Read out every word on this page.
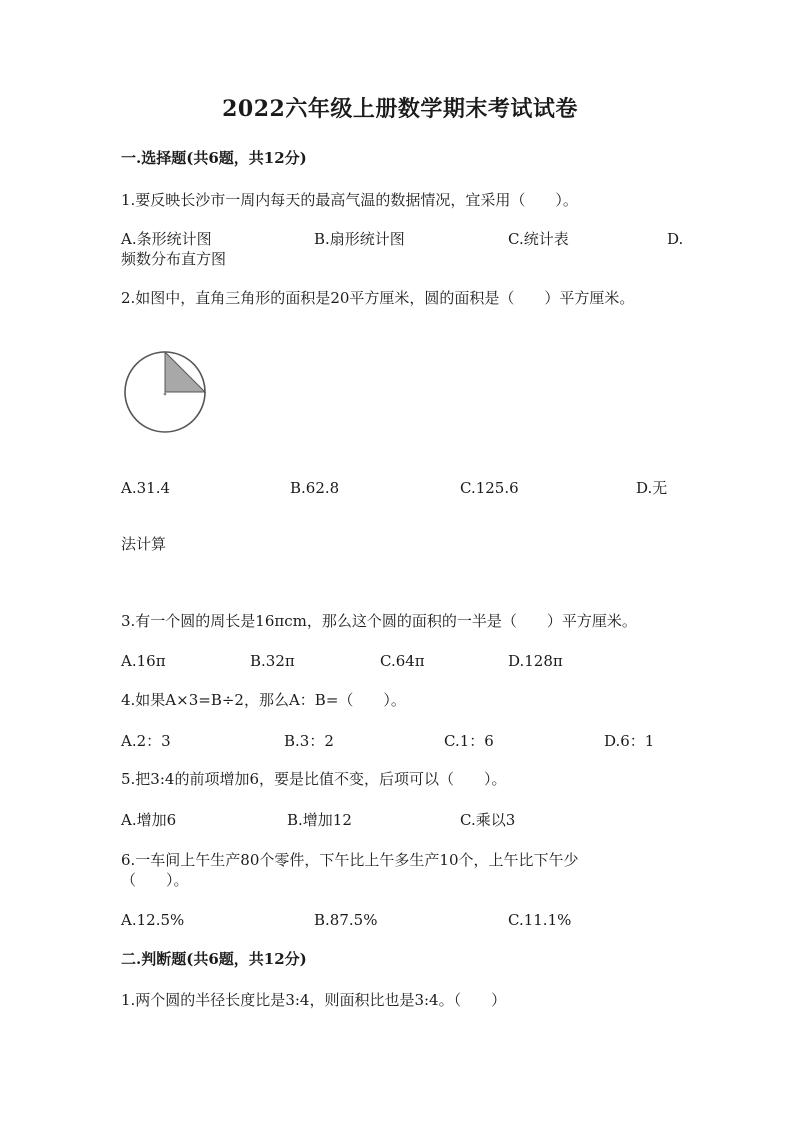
2022六年级上册数学期末考试试卷
一.选择题(共6题，共12分)
1.要反映长沙市一周内每天的最高气温的数据情况，宜采用（　　）。
A.条形统计图	B.扇形统计图	C.统计表	D.
频数分布直方图
2.如图中，直角三角形的面积是20平方厘米，圆的面积是（　　）平方厘米。
A.31.4	B.62.8	C.125.6	D.无
法计算
3.有一个圆的周长是16πcm，那么这个圆的面积的一半是（　　）平方厘米。
A.16π	B.32π	C.64π	D.128π
4.如果A×3=B÷2，那么A：B=（　　）。
A.2：3	B.3：2	C.1：6	D.6：1
5.把3:4的前项增加6，要是比值不变，后项可以（　　）。
A.增加6	B.增加12	C.乘以3
6.一车间上午生产80个零件，下午比上午多生产10个，上午比下午少
（　　）。
A.12.5%	B.87.5%	C.11.1%
二.判断题(共6题，共12分)
1.两个圆的半径长度比是3:4，则面积比也是3:4。（　　）
